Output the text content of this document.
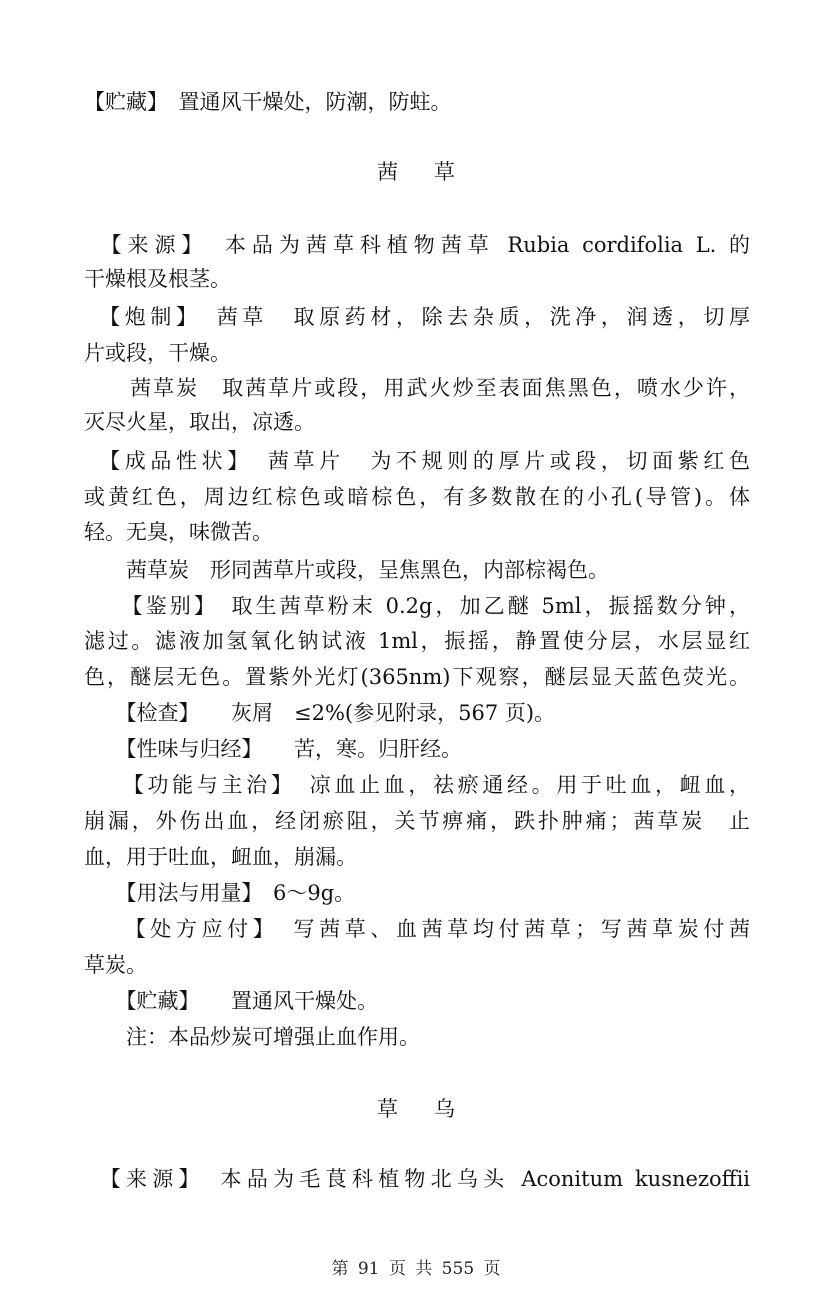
【贮藏】　置通风干燥处，防潮，防蛀。
茜草
　【来源】　本品为茜草科植物茜草 Rubia cordifolia L. 的
干燥根及根茎。
　【炮制】　茜草　取原药材，除去杂质，洗净，润透，切厚
片或段，干燥。
　　茜草炭　取茜草片或段，用武火炒至表面焦黑色，喷水少许，
灭尽火星，取出，凉透。
　【成品性状】　茜草片　为不规则的厚片或段，切面紫红色
或黄红色，周边红棕色或暗棕色，有多数散在的小孔(导管)。体
轻。无臭，味微苦。
　　茜草炭　形同茜草片或段，呈焦黑色，内部棕褐色。
　　【鉴别】　取生茜草粉末 0.2g，加乙醚 5ml，振摇数分钟，
滤过。滤液加氢氧化钠试液 1ml，振摇，静置使分层，水层显红
色，醚层无色。置紫外光灯(365nm)下观察，醚层显天蓝色荧光。
　　【检查】　　灰屑　≤2%(参见附录，567 页)。
　　【性味与归经】　　苦，寒。归肝经。
　　【功能与主治】　凉血止血，祛瘀通经。用于吐血，衄血，
崩漏，外伤出血，经闭瘀阻，关节痹痛，跌扑肿痛；茜草炭　止
血，用于吐血，衄血，崩漏。
　　【用法与用量】　6～9g。
　　【处方应付】　写茜草、血茜草均付茜草；写茜草炭付茜
草炭。
　　【贮藏】　　置通风干燥处。
　　注：本品炒炭可增强止血作用。
草乌
　【来源】　本品为毛茛科植物北乌头 Aconitum kusnezoffii
第 91 页 共 555 页
